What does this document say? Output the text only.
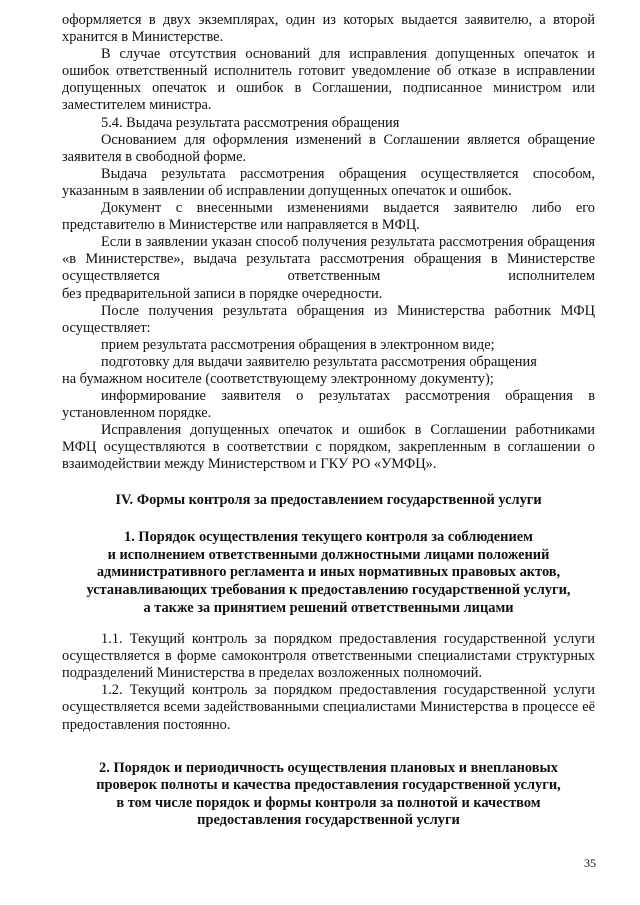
оформляется в двух экземплярах, один из которых выдается заявителю, а второй хранится в Министерстве.

В случае отсутствия оснований для исправления допущенных опечаток и ошибок ответственный исполнитель готовит уведомление об отказе в исправлении допущенных опечаток и ошибок в Соглашении, подписанное министром или заместителем министра.

5.4. Выдача результата рассмотрения обращения

Основанием для оформления изменений в Соглашении является обращение заявителя в свободной форме.

Выдача результата рассмотрения обращения осуществляется способом, указанным в заявлении об исправлении допущенных опечаток и ошибок.

Документ с внесенными изменениями выдается заявителю либо его представителю в Министерстве или направляется в МФЦ.

Если в заявлении указан способ получения результата рассмотрения обращения «в Министерстве», выдача результата рассмотрения обращения в Министерстве осуществляется ответственным исполнителем

без предварительной записи в порядке очередности.

После получения результата обращения из Министерства работник МФЦ осуществляет:

прием результата рассмотрения обращения в электронном виде;

подготовку для выдачи заявителю результата рассмотрения обращения

на бумажном носителе (соответствующему электронному документу);

информирование заявителя о результатах рассмотрения обращения в установленном порядке.

Исправления допущенных опечаток и ошибок в Соглашении работниками МФЦ осуществляются в соответствии с порядком, закрепленным в соглашении о взаимодействии между Министерством и ГКУ РО «УМФЦ».

IV. Формы контроля за предоставлением государственной услуги
1. Порядок осуществления текущего контроля за соблюдением
и исполнением ответственными должностными лицами положений
административного регламента и иных нормативных правовых актов,
устанавливающих требования к предоставлению государственной услуги,
а также за принятием решений ответственными лицами

1.1. Текущий контроль за порядком предоставления государственной услуги осуществляется в форме самоконтроля ответственными специалистами структурных подразделений Министерства в пределах возложенных полномочий.

1.2. Текущий контроль за порядком предоставления государственной услуги осуществляется всеми задействованными специалистами Министерства в процессе её предоставления постоянно.

2. Порядок и периодичность осуществления плановых и внеплановых
проверок полноты и качества предоставления государственной услуги,
в том числе порядок и формы контроля за полнотой и качеством
предоставления государственной услуги
35
